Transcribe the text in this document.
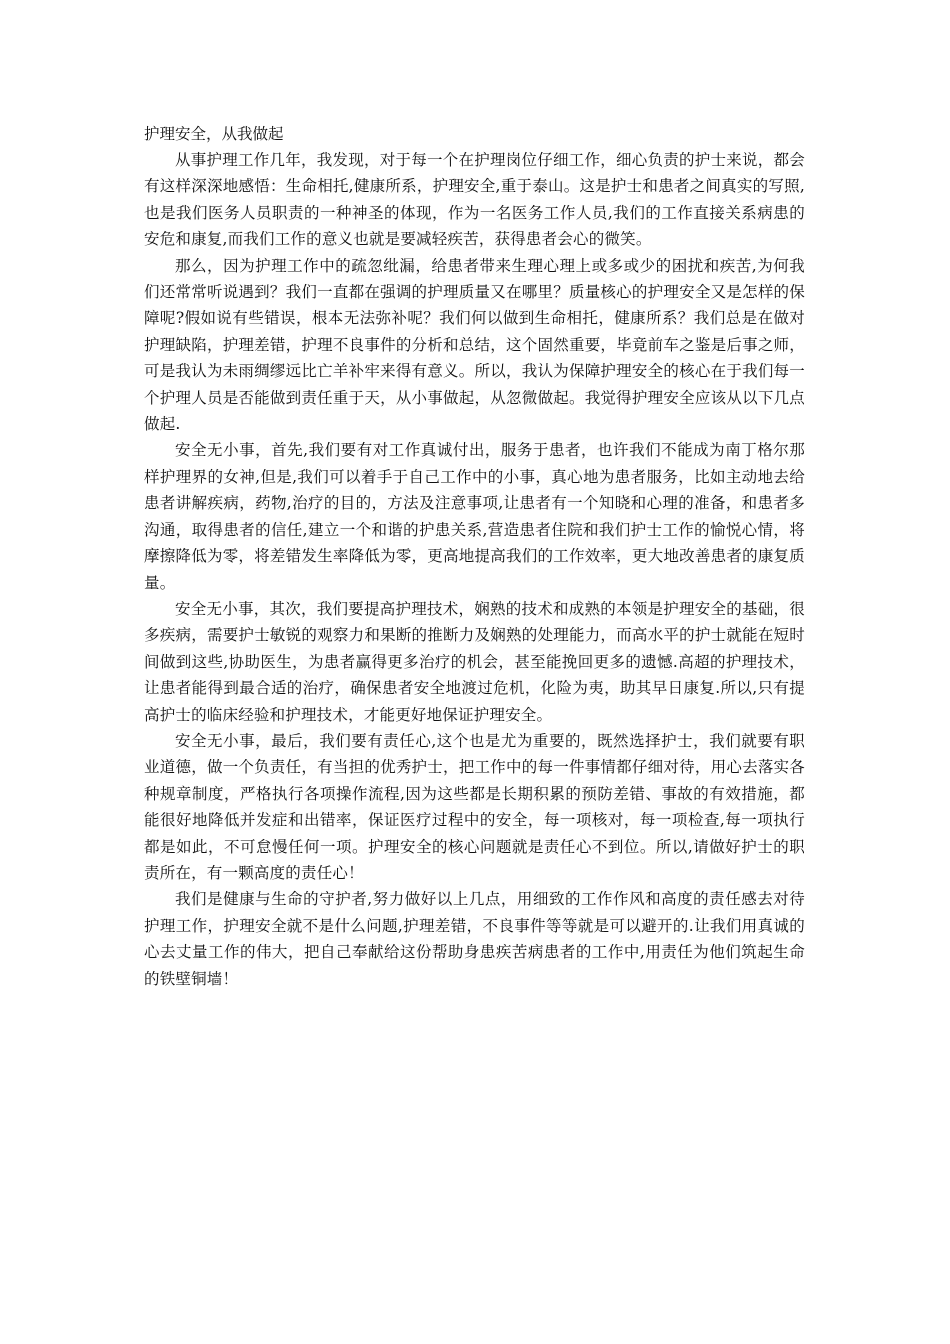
护理安全，从我做起

从事护理工作几年，我发现，对于每一个在护理岗位仔细工作，细心负责的护士来说，都会有这样深深地感悟：生命相托,健康所系，护理安全,重于泰山。这是护士和患者之间真实的写照,也是我们医务人员职责的一种神圣的体现，作为一名医务工作人员,我们的工作直接关系病患的安危和康复,而我们工作的意义也就是要减轻疾苦，获得患者会心的微笑。

那么，因为护理工作中的疏忽纰漏，给患者带来生理心理上或多或少的困扰和疾苦,为何我们还常常听说遇到？我们一直都在强调的护理质量又在哪里？质量核心的护理安全又是怎样的保障呢?假如说有些错误，根本无法弥补呢？我们何以做到生命相托，健康所系？我们总是在做对护理缺陷，护理差错，护理不良事件的分析和总结，这个固然重要，毕竟前车之鉴是后事之师，可是我认为未雨绸缪远比亡羊补牢来得有意义。所以，我认为保障护理安全的核心在于我们每一个护理人员是否能做到责任重于天，从小事做起，从忽微做起。我觉得护理安全应该从以下几点做起.

安全无小事，首先,我们要有对工作真诚付出，服务于患者，也许我们不能成为南丁格尔那样护理界的女神,但是,我们可以着手于自己工作中的小事，真心地为患者服务，比如主动地去给患者讲解疾病，药物,治疗的目的，方法及注意事项,让患者有一个知晓和心理的准备，和患者多沟通，取得患者的信任,建立一个和谐的护患关系,营造患者住院和我们护士工作的愉悦心情，将摩擦降低为零，将差错发生率降低为零，更高地提高我们的工作效率，更大地改善患者的康复质量。

安全无小事，其次，我们要提高护理技术，娴熟的技术和成熟的本领是护理安全的基础，很多疾病，需要护士敏锐的观察力和果断的推断力及娴熟的处理能力，而高水平的护士就能在短时间做到这些,协助医生，为患者赢得更多治疗的机会，甚至能挽回更多的遗憾.高超的护理技术，让患者能得到最合适的治疗，确保患者安全地渡过危机，化险为夷，助其早日康复.所以,只有提高护士的临床经验和护理技术，才能更好地保证护理安全。

安全无小事，最后，我们要有责任心,这个也是尤为重要的，既然选择护士，我们就要有职业道德，做一个负责任，有当担的优秀护士，把工作中的每一件事情都仔细对待，用心去落实各种规章制度，严格执行各项操作流程,因为这些都是长期积累的预防差错、事故的有效措施，都能很好地降低并发症和出错率，保证医疗过程中的安全，每一项核对，每一项检查,每一项执行都是如此，不可怠慢任何一项。护理安全的核心问题就是责任心不到位。所以,请做好护士的职责所在，有一颗高度的责任心！

我们是健康与生命的守护者,努力做好以上几点，用细致的工作作风和高度的责任感去对待护理工作，护理安全就不是什么问题,护理差错，不良事件等等就是可以避开的.让我们用真诚的心去丈量工作的伟大，把自己奉献给这份帮助身患疾苦病患者的工作中,用责任为他们筑起生命的铁壁铜墙！
